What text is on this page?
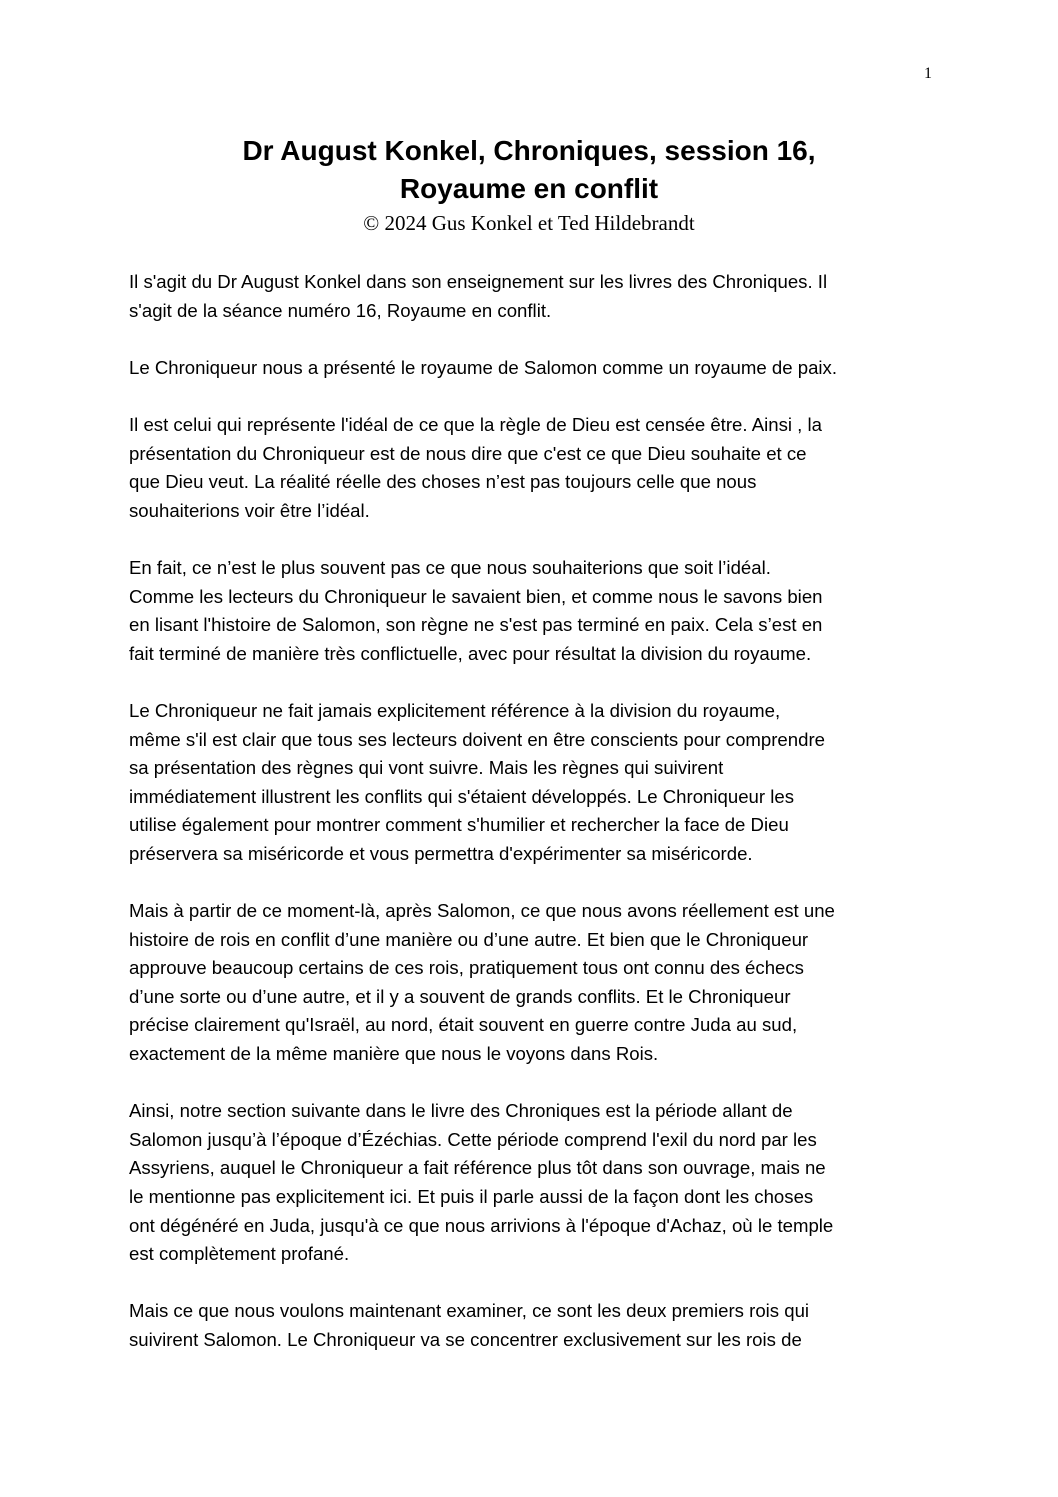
1

Dr August Konkel, Chroniques, session 16,

Royaume en conflit

© 2024 Gus Konkel et Ted Hildebrandt

Il s'agit du Dr August Konkel dans son enseignement sur les livres des Chroniques. Il
s'agit de la séance numéro 16, Royaume en conflit.

Le Chroniqueur nous a présenté le royaume de Salomon comme un royaume de paix.

Il est celui qui représente l'idéal de ce que la règle de Dieu est censée être. Ainsi , la
présentation du Chroniqueur est de nous dire que c'est ce que Dieu souhaite et ce
que Dieu veut. La réalité réelle des choses n’est pas toujours celle que nous
souhaiterions voir être l’idéal.

En fait, ce n’est le plus souvent pas ce que nous souhaiterions que soit l’idéal.
Comme les lecteurs du Chroniqueur le savaient bien, et comme nous le savons bien
en lisant l'histoire de Salomon, son règne ne s'est pas terminé en paix. Cela s’est en
fait terminé de manière très conflictuelle, avec pour résultat la division du royaume.

Le Chroniqueur ne fait jamais explicitement référence à la division du royaume,
même s'il est clair que tous ses lecteurs doivent en être conscients pour comprendre
sa présentation des règnes qui vont suivre. Mais les règnes qui suivirent
immédiatement illustrent les conflits qui s'étaient développés. Le Chroniqueur les
utilise également pour montrer comment s'humilier et rechercher la face de Dieu
préservera sa miséricorde et vous permettra d'expérimenter sa miséricorde.

Mais à partir de ce moment-là, après Salomon, ce que nous avons réellement est une
histoire de rois en conflit d’une manière ou d’une autre. Et bien que le Chroniqueur
approuve beaucoup certains de ces rois, pratiquement tous ont connu des échecs
d’une sorte ou d’une autre, et il y a souvent de grands conflits. Et le Chroniqueur
précise clairement qu'Israël, au nord, était souvent en guerre contre Juda au sud,
exactement de la même manière que nous le voyons dans Rois.

Ainsi, notre section suivante dans le livre des Chroniques est la période allant de
Salomon jusqu’à l’époque d’Ézéchias. Cette période comprend l'exil du nord par les
Assyriens, auquel le Chroniqueur a fait référence plus tôt dans son ouvrage, mais ne
le mentionne pas explicitement ici. Et puis il parle aussi de la façon dont les choses
ont dégénéré en Juda, jusqu'à ce que nous arrivions à l'époque d'Achaz, où le temple
est complètement profané.

Mais ce que nous voulons maintenant examiner, ce sont les deux premiers rois qui
suivirent Salomon. Le Chroniqueur va se concentrer exclusivement sur les rois de
